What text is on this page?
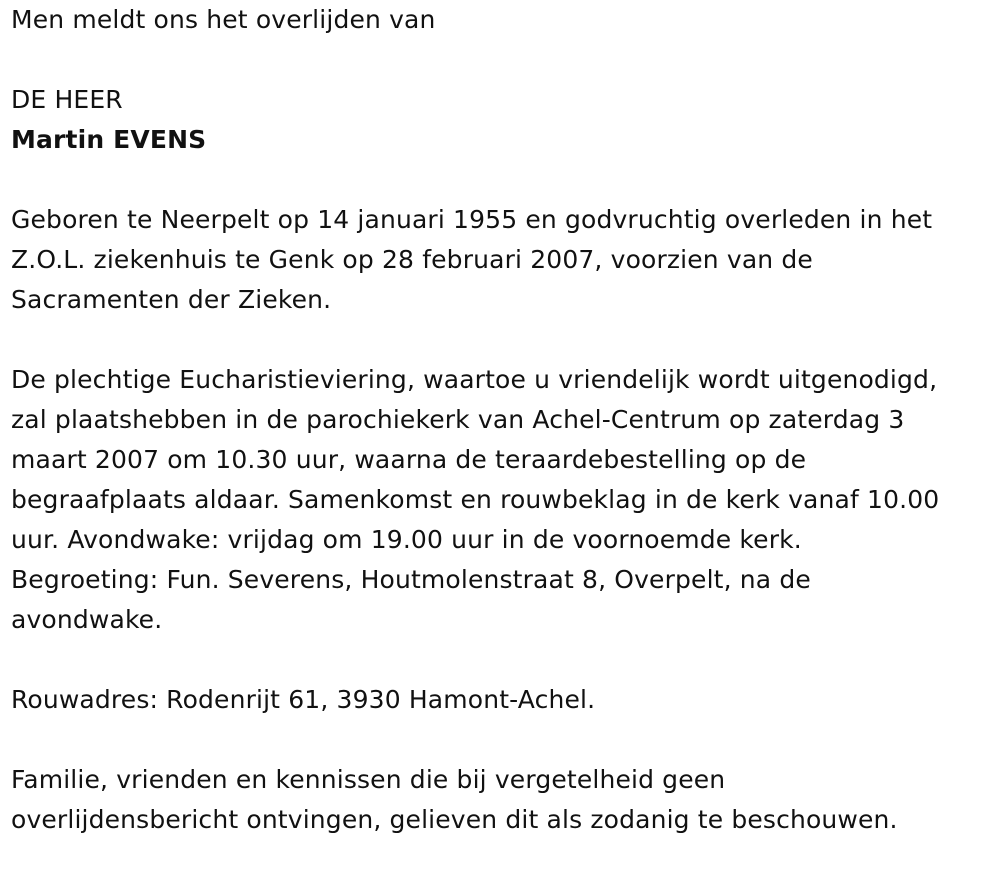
Men meldt ons het overlijden van

DE HEER

Martin EVENS

Geboren te Neerpelt op 14 januari 1955 en godvruchtig overleden in het

Z.O.L. ziekenhuis te Genk op 28 februari 2007, voorzien van de

Sacramenten der Zieken.

De plechtige Eucharistieviering, waartoe u vriendelijk wordt uitgenodigd,

zal plaatshebben in de parochiekerk van Achel-Centrum op zaterdag 3

maart 2007 om 10.30 uur, waarna de teraardebestelling op de

begraafplaats aldaar. Samenkomst en rouwbeklag in de kerk vanaf 10.00

uur. Avondwake: vrijdag om 19.00 uur in de voornoemde kerk.

Begroeting: Fun. Severens, Houtmolenstraat 8, Overpelt, na de

avondwake.

Rouwadres: Rodenrijt 61, 3930 Hamont-Achel.

Familie, vrienden en kennissen die bij vergetelheid geen

overlijdensbericht ontvingen, gelieven dit als zodanig te beschouwen.
